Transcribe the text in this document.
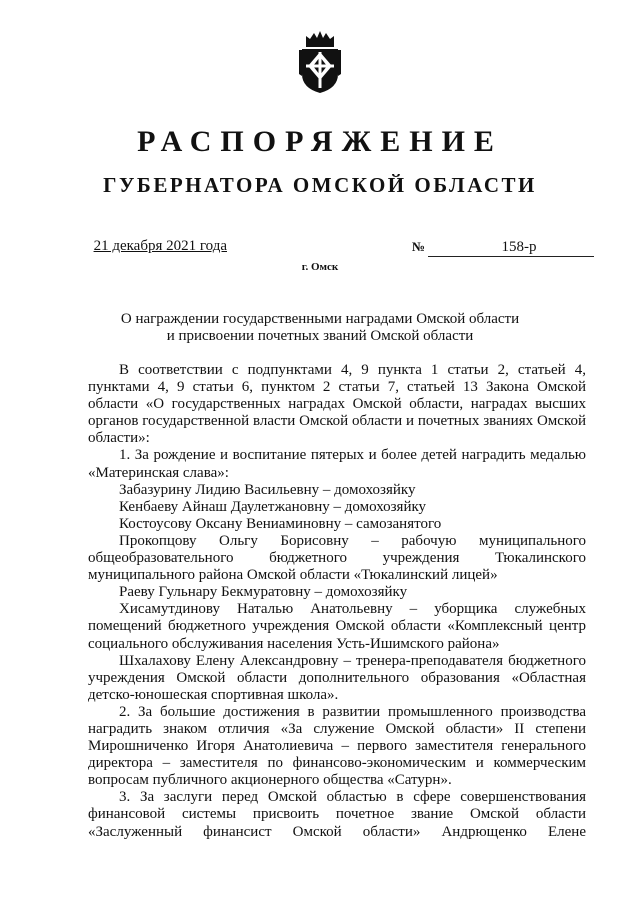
РАСПОРЯЖЕНИЕ
ГУБЕРНАТОРА ОМСКОЙ ОБЛАСТИ
21 декабря 2021 года	№	158-р
г. Омск
О награждении государственными наградами Омской области
и присвоении почетных званий Омской области

В соответствии с подпунктами 4, 9 пункта 1 статьи 2, статьей 4, пунктами 4, 9 статьи 6, пунктом 2 статьи 7, статьей 13 Закона Омской области «О государственных наградах Омской области, наградах высших органов государственной власти Омской области и почетных званиях Омской области»:

1. За рождение и воспитание пятерых и более детей наградить медалью «Материнская слава»:

Забазурину Лидию Васильевну – домохозяйку

Кенбаеву Айнаш Даулетжановну – домохозяйку

Костоусову Оксану Вениаминовну – самозанятого

Прокопцову Ольгу Борисовну – рабочую муниципального общеобразовательного бюджетного учреждения Тюкалинского муниципального района Омской области «Тюкалинский лицей»

Раеву Гульнару Бекмуратовну – домохозяйку

Хисамутдинову Наталью Анатольевну – уборщика служебных помещений бюджетного учреждения Омской области «Комплексный центр социального обслуживания населения Усть-Ишимского района»

Шхалахову Елену Александровну – тренера-преподавателя бюджетного учреждения Омской области дополнительного образования «Областная детско-юношеская спортивная школа».

2. За большие достижения в развитии промышленного производства наградить знаком отличия «За служение Омской области» II степени Мирошниченко Игоря Анатолиевича – первого заместителя генерального директора – заместителя по финансово-экономическим и коммерческим вопросам публичного акционерного общества «Сатурн».

3. За заслуги перед Омской областью в сфере совершенствования финансовой системы присвоить почетное звание Омской области «Заслуженный финансист Омской области» Андрющенко Елене
